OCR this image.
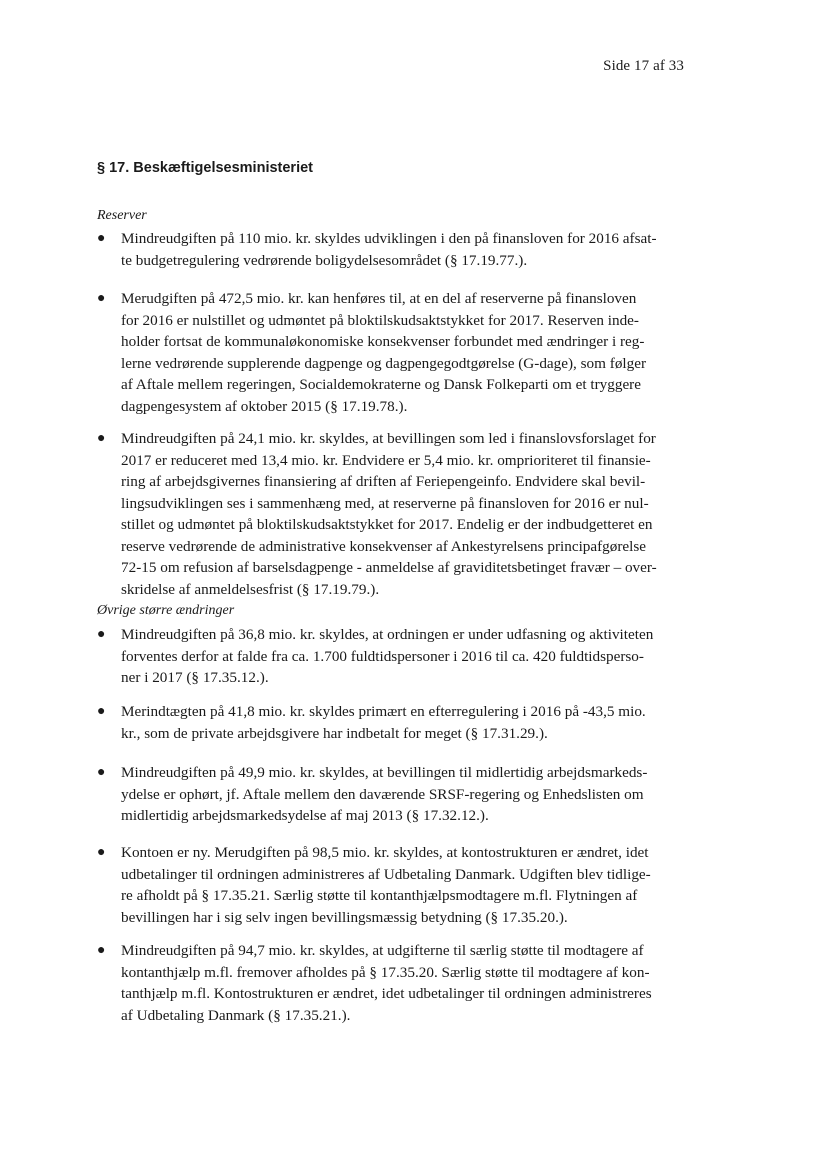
Side 17 af 33
§ 17. Beskæftigelsesministeriet
Reserver
● Mindreudgiften på 110 mio. kr. skyldes udviklingen i den på finansloven for 2016 afsat-
te budgetregulering vedrørende boligydelsesområdet (§ 17.19.77.).
● Merudgiften på 472,5 mio. kr. kan henføres til, at en del af reserverne på finansloven
for 2016 er nulstillet og udmøntet på bloktilskudsaktstykket for 2017. Reserven inde-
holder fortsat de kommunaløkonomiske konsekvenser forbundet med ændringer i reg-
lerne vedrørende supplerende dagpenge og dagpengegodtgørelse (G-dage), som følger
af Aftale mellem regeringen, Socialdemokraterne og Dansk Folkeparti om et tryggere
dagpengesystem af oktober 2015 (§ 17.19.78.).
● Mindreudgiften på 24,1 mio. kr. skyldes, at bevillingen som led i finanslovsforslaget for
2017 er reduceret med 13,4 mio. kr. Endvidere er 5,4 mio. kr. omprioriteret til finansie-
ring af arbejdsgivernes finansiering af driften af Feriepengeinfo. Endvidere skal bevil-
lingsudviklingen ses i sammenhæng med, at reserverne på finansloven for 2016 er nul-
stillet og udmøntet på bloktilskudsaktstykket for 2017. Endelig er der indbudgetteret en
reserve vedrørende de administrative konsekvenser af Ankestyrelsens principafgørelse
72-15 om refusion af barselsdagpenge - anmeldelse af graviditetsbetinget fravær – over-
skridelse af anmeldelsesfrist (§ 17.19.79.).
Øvrige større ændringer
● Mindreudgiften på 36,8 mio. kr. skyldes, at ordningen er under udfasning og aktiviteten
forventes derfor at falde fra ca. 1.700 fuldtidspersoner i 2016 til ca. 420 fuldtidsperso-
ner i 2017 (§ 17.35.12.).
● Merindtægten på 41,8 mio. kr. skyldes primært en efterregulering i 2016 på -43,5 mio.
kr., som de private arbejdsgivere har indbetalt for meget (§ 17.31.29.).
● Mindreudgiften på 49,9 mio. kr. skyldes, at bevillingen til midlertidig arbejdsmarkeds-
ydelse er ophørt, jf. Aftale mellem den daværende SRSF-regering og Enhedslisten om
midlertidig arbejdsmarkedsydelse af maj 2013 (§ 17.32.12.).
● Kontoen er ny. Merudgiften på 98,5 mio. kr. skyldes, at kontostrukturen er ændret, idet
udbetalinger til ordningen administreres af Udbetaling Danmark. Udgiften blev tidlige-
re afholdt på § 17.35.21. Særlig støtte til kontanthjælpsmodtagere m.fl. Flytningen af
bevillingen har i sig selv ingen bevillingsmæssig betydning (§ 17.35.20.).
● Mindreudgiften på 94,7 mio. kr. skyldes, at udgifterne til særlig støtte til modtagere af
kontanthjælp m.fl. fremover afholdes på § 17.35.20. Særlig støtte til modtagere af kon-
tanthjælp m.fl. Kontostrukturen er ændret, idet udbetalinger til ordningen administreres
af Udbetaling Danmark (§ 17.35.21.).
